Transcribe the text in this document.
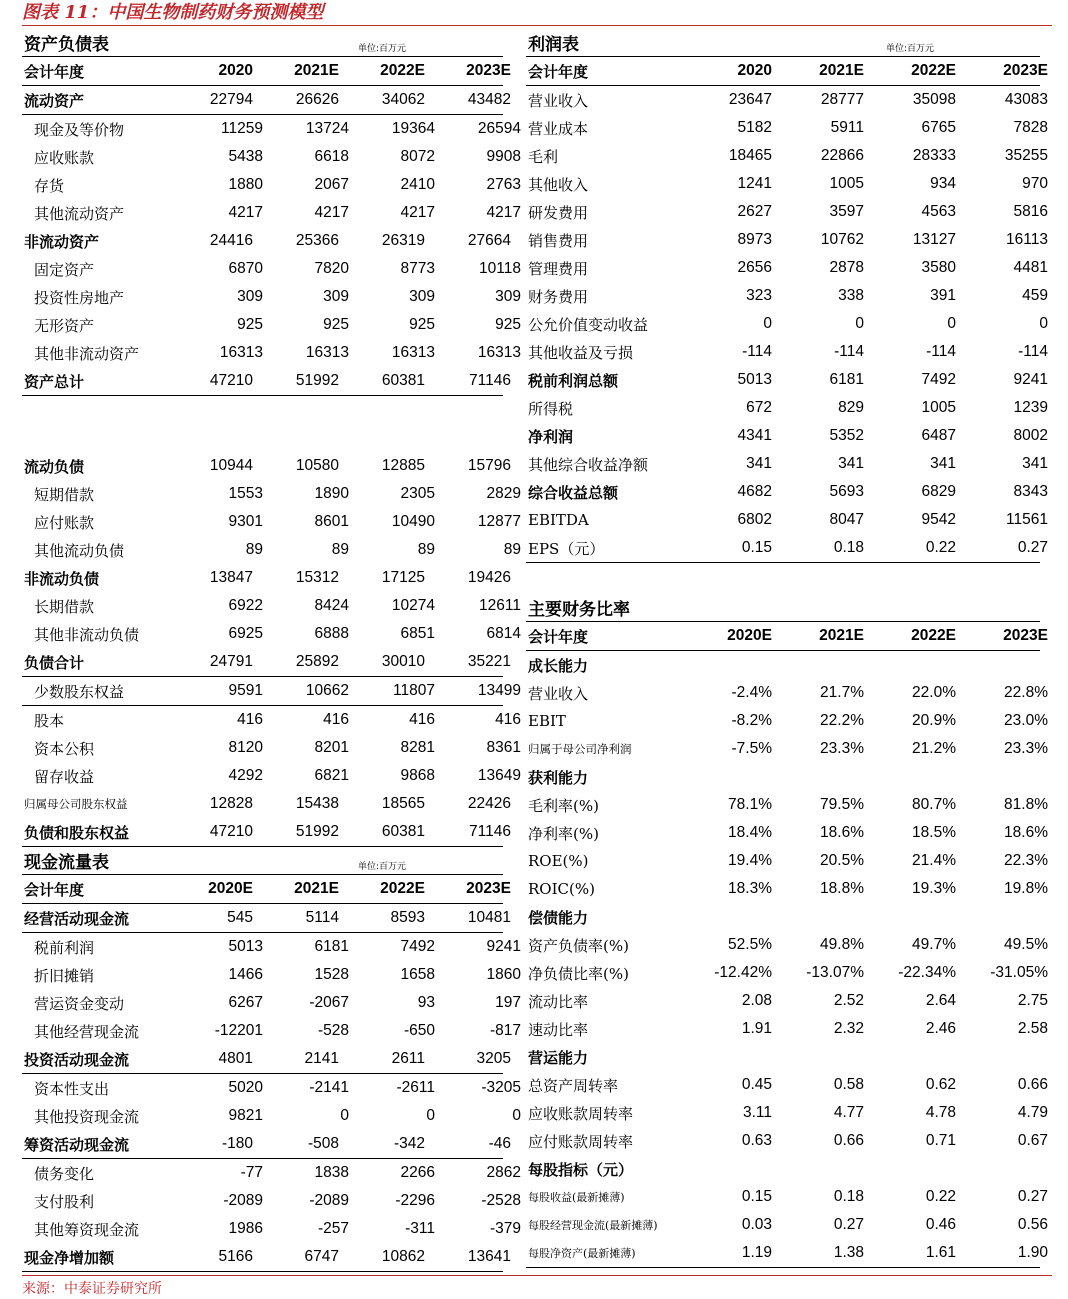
图表 11：中国生物制药财务预测模型
资产负债表	单位:百万元
会计年度	2020	2021E	2022E	2023E
流动资产	22794	26626	34062	43482
现金及等价物	11259	13724	19364	26594
应收账款	5438	6618	8072	9908
存货	1880	2067	2410	2763
其他流动资产	4217	4217	4217	4217
非流动资产	24416	25366	26319	27664
固定资产	6870	7820	8773	10118
投资性房地产	309	309	309	309
无形资产	925	925	925	925
其他非流动资产	16313	16313	16313	16313
资产总计	47210	51992	60381	71146
流动负债	10944	10580	12885	15796
短期借款	1553	1890	2305	2829
应付账款	9301	8601	10490	12877
其他流动负债	89	89	89	89
非流动负债	13847	15312	17125	19426
长期借款	6922	8424	10274	12611
其他非流动负债	6925	6888	6851	6814
负债合计	24791	25892	30010	35221
少数股东权益	9591	10662	11807	13499
股本	416	416	416	416
资本公积	8120	8201	8281	8361
留存收益	4292	6821	9868	13649
归属母公司股东权益	12828	15438	18565	22426
负债和股东权益	47210	51992	60381	71146
现金流量表	单位:百万元
会计年度	2020E	2021E	2022E	2023E
经营活动现金流	545	5114	8593	10481
税前利润	5013	6181	7492	9241
折旧摊销	1466	1528	1658	1860
营运资金变动	6267	-2067	93	197
其他经营现金流	-12201	-528	-650	-817
投资活动现金流	4801	2141	2611	3205
资本性支出	5020	-2141	-2611	-3205
其他投资现金流	9821	0	0	0
筹资活动现金流	-180	-508	-342	-46
债务变化	-77	1838	2266	2862
支付股利	-2089	-2089	-2296	-2528
其他筹资现金流	1986	-257	-311	-379
现金净增加额	5166	6747	10862	13641
利润表	单位:百万元
会计年度	2020	2021E	2022E	2023E
营业收入	23647	28777	35098	43083
营业成本	5182	5911	6765	7828
毛利	18465	22866	28333	35255
其他收入	1241	1005	934	970
研发费用	2627	3597	4563	5816
销售费用	8973	10762	13127	16113
管理费用	2656	2878	3580	4481
财务费用	323	338	391	459
公允价值变动收益	0	0	0	0
其他收益及亏损	-114	-114	-114	-114
税前利润总额	5013	6181	7492	9241
所得税	672	829	1005	1239
净利润	4341	5352	6487	8002
其他综合收益净额	341	341	341	341
综合收益总额	4682	5693	6829	8343
EBITDA	6802	8047	9542	11561
EPS（元）	0.15	0.18	0.22	0.27
主要财务比率
会计年度	2020E	2021E	2022E	2023E
成长能力
营业收入	-2.4%	21.7%	22.0%	22.8%
EBIT	-8.2%	22.2%	20.9%	23.0%
归属于母公司净利润	-7.5%	23.3%	21.2%	23.3%
获利能力
毛利率(%)	78.1%	79.5%	80.7%	81.8%
净利率(%)	18.4%	18.6%	18.5%	18.6%
ROE(%)	19.4%	20.5%	21.4%	22.3%
ROIC(%)	18.3%	18.8%	19.3%	19.8%
偿债能力
资产负债率(%)	52.5%	49.8%	49.7%	49.5%
净负债比率(%)	-12.42%	-13.07%	-22.34%	-31.05%
流动比率	2.08	2.52	2.64	2.75
速动比率	1.91	2.32	2.46	2.58
营运能力
总资产周转率	0.45	0.58	0.62	0.66
应收账款周转率	3.11	4.77	4.78	4.79
应付账款周转率	0.63	0.66	0.71	0.67
每股指标（元）
每股收益(最新摊薄)	0.15	0.18	0.22	0.27
每股经营现金流(最新摊薄)	0.03	0.27	0.46	0.56
每股净资产(最新摊薄)	1.19	1.38	1.61	1.90
来源：中泰证券研究所
